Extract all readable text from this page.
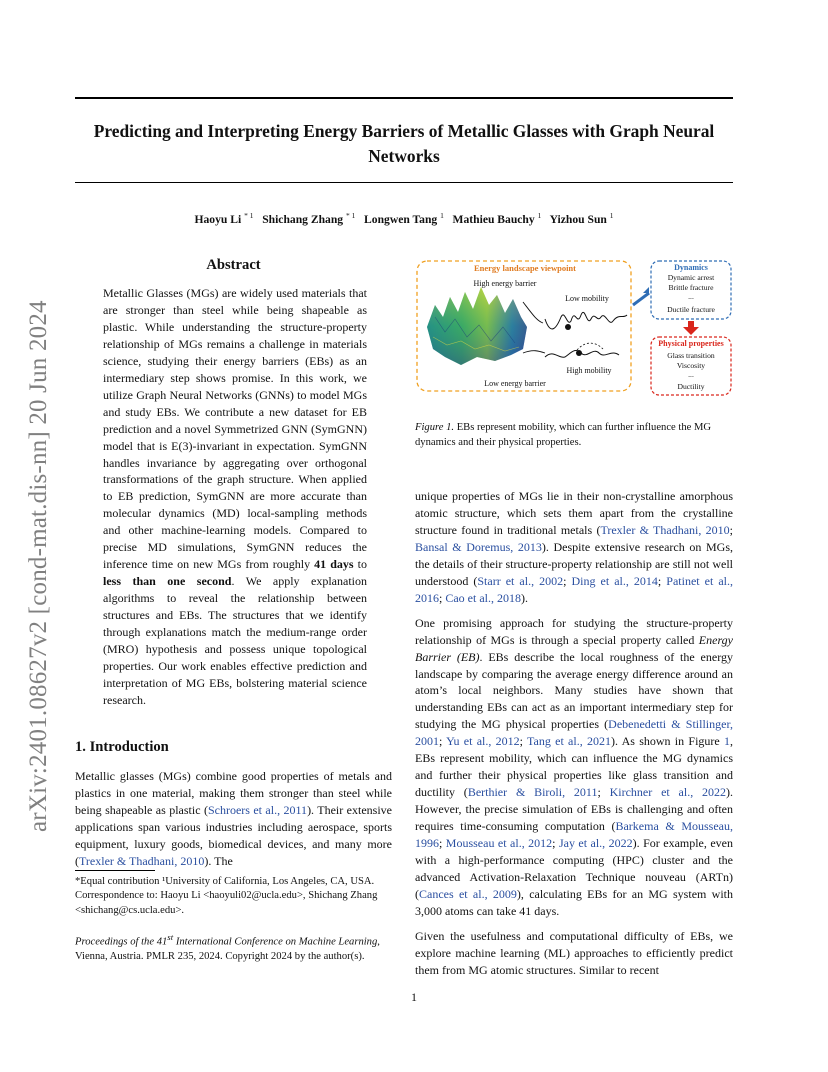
Predicting and Interpreting Energy Barriers of Metallic Glasses with Graph Neural Networks
Haoyu Li $^{* 1}$ Shichang Zhang $^{* 1}$ Longwen Tang $^1$ Mathieu Bauchy $^1$ Yizhou Sun $^1$
arXiv:2401.08627v2 [cond-mat.dis-nn] 20 Jun 2024
Abstract
Metallic Glasses (MGs) are widely used materials that are stronger than steel while being shapeable as plastic. While understanding the structure-property relationship of MGs remains a challenge in materials science, studying their energy barriers (EBs) as an intermediary step shows promise. In this work, we utilize Graph Neural Networks (GNNs) to model MGs and study EBs. We contribute a new dataset for EB prediction and a novel Symmetrized GNN (SymGNN) model that is E(3)-invariant in expectation. SymGNN handles invariance by aggregating over orthogonal transformations of the graph structure. When applied to EB prediction, SymGNN are more accurate than molecular dynamics (MD) local-sampling methods and other machine-learning models. Compared to precise MD simulations, SymGNN reduces the inference time on new MGs from roughly 41 days to less than one second. We apply explanation algorithms to reveal the relationship between structures and EBs. The structures that we identify through explanations match the medium-range order (MRO) hypothesis and possess unique topological properties. Our work enables effective prediction and interpretation of MG EBs, bolstering material science research.
1. Introduction
Metallic glasses (MGs) combine good properties of metals and plastics in one material, making them stronger than steel while being shapeable as plastic (Schroers et al., 2011). Their extensive applications span various industries including aerospace, sports equipment, luxury goods, biomedical devices, and many more (Trexler & Thadhani, 2010). The
*Equal contribution ¹University of California, Los Angeles, CA, USA. Correspondence to: Haoyu Li <haoyuli02@ucla.edu>, Shichang Zhang <shichang@cs.ucla.edu>.
Proceedings of the 41st International Conference on Machine Learning, Vienna, Austria. PMLR 235, 2024. Copyright 2024 by the author(s).
Energy landscape viewpoint
High energy barrier
Low energy barrier
Low mobility
High mobility
Dynamics
Dynamic arrest
Brittle fracture
...
Ductile fracture
Physical properties
Glass transition
Viscosity
...
Ductility
Figure 1. EBs represent mobility, which can further influence the MG dynamics and their physical properties.

unique properties of MGs lie in their non-crystalline amorphous atomic structure, which sets them apart from the crystalline structure found in traditional metals (Trexler & Thadhani, 2010; Bansal & Doremus, 2013). Despite extensive research on MGs, the details of their structure-property relationship are still not well understood (Starr et al., 2002; Ding et al., 2014; Patinet et al., 2016; Cao et al., 2018).

One promising approach for studying the structure-property relationship of MGs is through a special property called Energy Barrier (EB). EBs describe the local roughness of the energy landscape by comparing the average energy difference around an atom’s local neighbors. Many studies have shown that understanding EBs can act as an important intermediary step for studying the MG physical properties (Debenedetti & Stillinger, 2001; Yu et al., 2012; Tang et al., 2021). As shown in Figure 1, EBs represent mobility, which can influence the MG dynamics and further their physical properties like glass transition and ductility (Berthier & Biroli, 2011; Kirchner et al., 2022). However, the precise simulation of EBs is challenging and often requires time-consuming computation (Barkema & Mousseau, 1996; Mousseau et al., 2012; Jay et al., 2022). For example, even with a high-performance computing (HPC) cluster and the advanced Activation-Relaxation Technique nouveau (ARTn) (Cances et al., 2009), calculating EBs for an MG system with 3,000 atoms can take 41 days.

Given the usefulness and computational difficulty of EBs, we explore machine learning (ML) approaches to efficiently predict them from MG atomic structures. Similar to recent

1
